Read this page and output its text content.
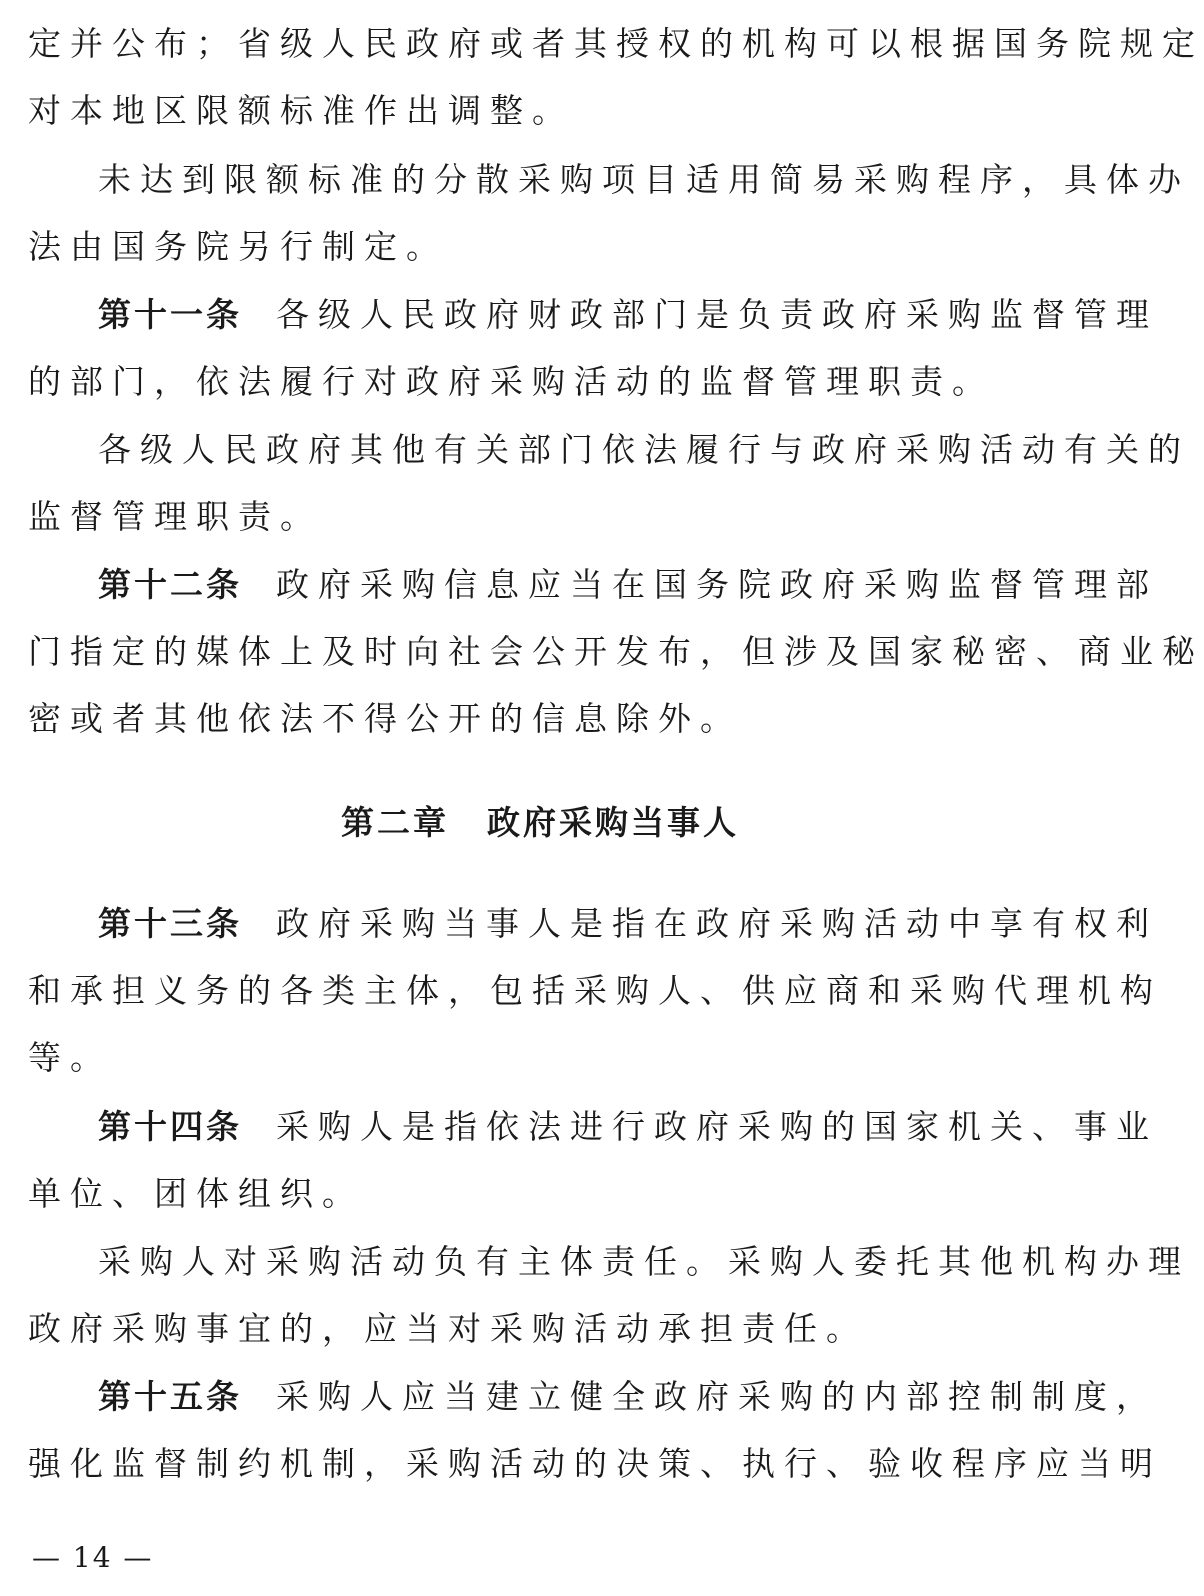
定并公布；省级人民政府或者其授权的机构可以根据国务院规定
对本地区限额标准作出调整。
未达到限额标准的分散采购项目适用简易采购程序，具体办
法由国务院另行制定。
第十一条 各级人民政府财政部门是负责政府采购监督管理
的部门，依法履行对政府采购活动的监督管理职责。
各级人民政府其他有关部门依法履行与政府采购活动有关的
监督管理职责。
第十二条 政府采购信息应当在国务院政府采购监督管理部
门指定的媒体上及时向社会公开发布，但涉及国家秘密、商业秘
密或者其他依法不得公开的信息除外。
第二章 政府采购当事人
第十三条 政府采购当事人是指在政府采购活动中享有权利
和承担义务的各类主体，包括采购人、供应商和采购代理机构
等。
第十四条 采购人是指依法进行政府采购的国家机关、事业
单位、团体组织。
采购人对采购活动负有主体责任。采购人委托其他机构办理
政府采购事宜的，应当对采购活动承担责任。
第十五条 采购人应当建立健全政府采购的内部控制制度，
强化监督制约机制，采购活动的决策、执行、验收程序应当明
— 14 —
